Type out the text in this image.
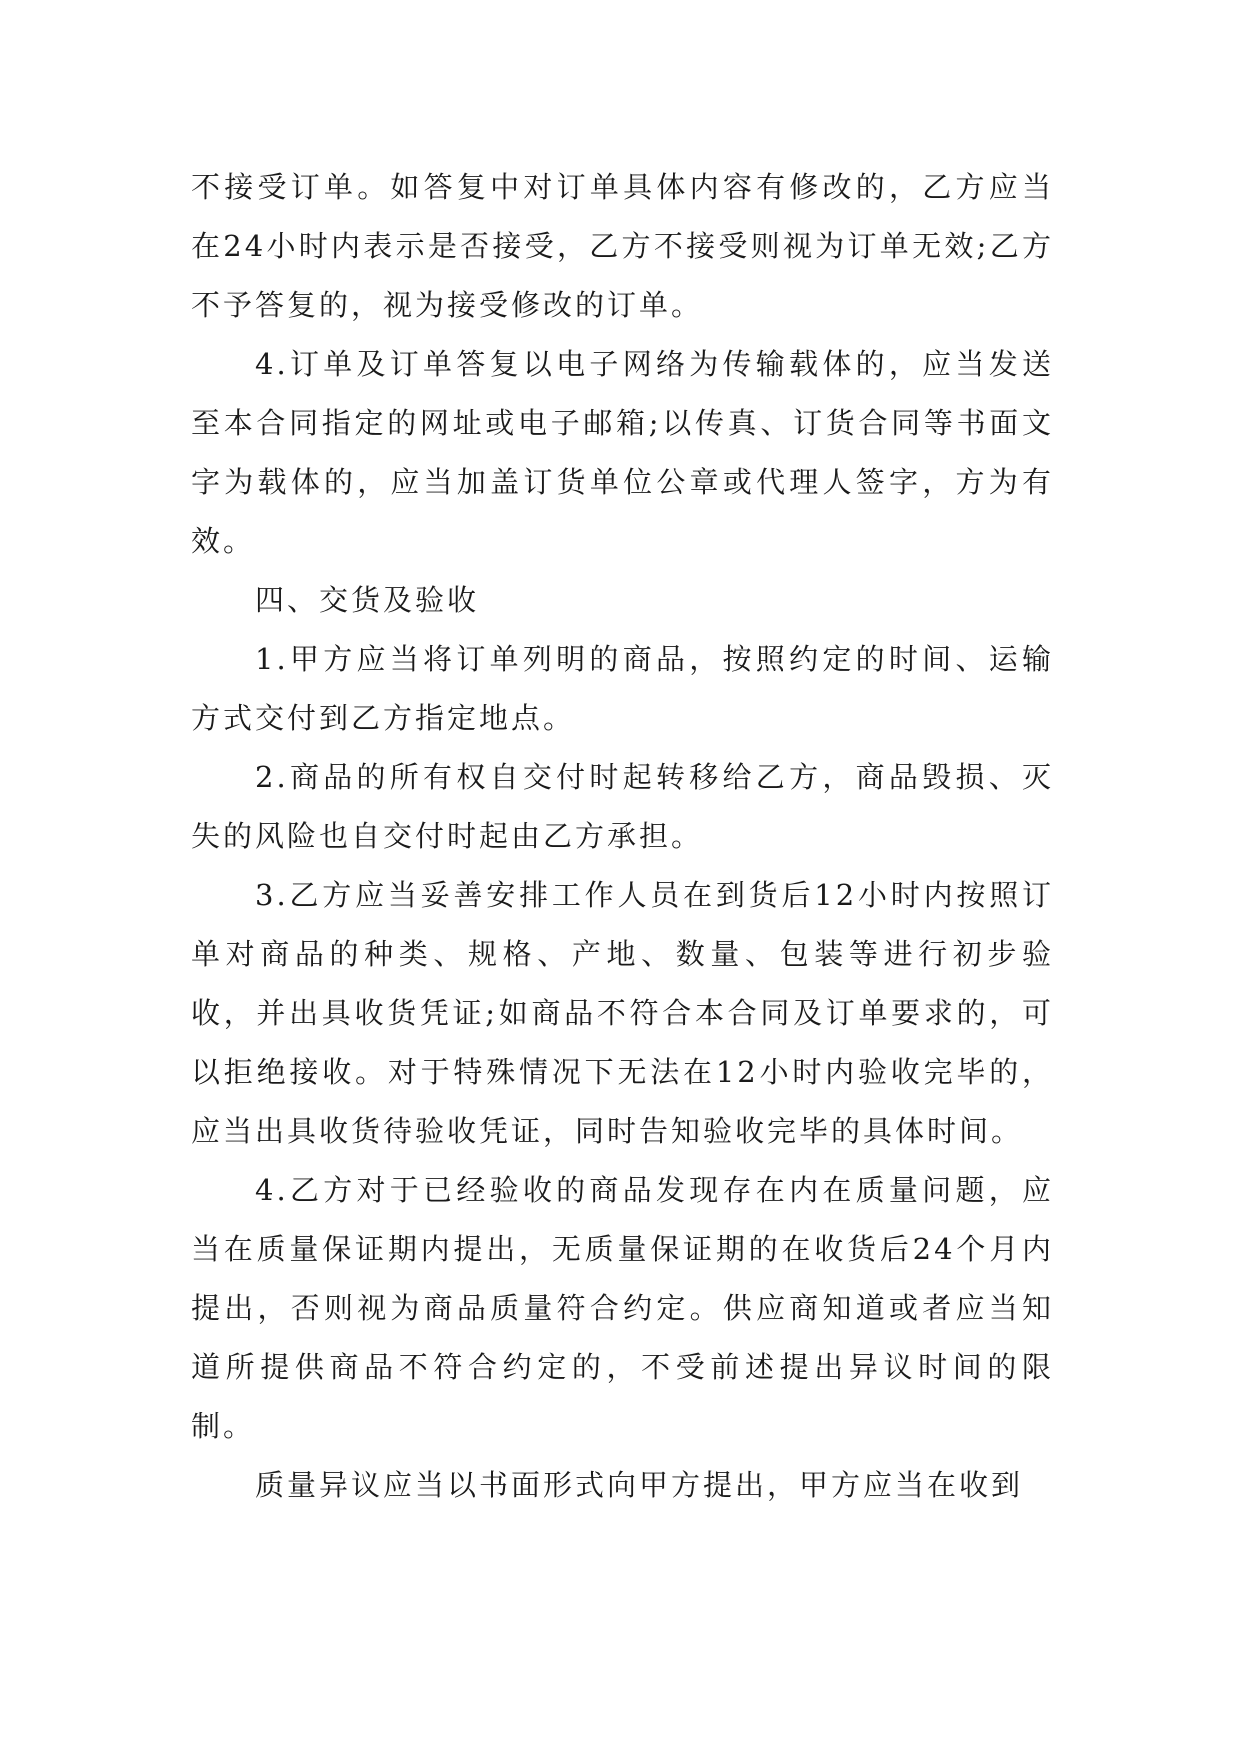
不接受订单。如答复中对订单具体内容有修改的，乙方应当在24小时内表示是否接受，乙方不接受则视为订单无效;乙方不予答复的，视为接受修改的订单。

4.订单及订单答复以电子网络为传输载体的，应当发送至本合同指定的网址或电子邮箱;以传真、订货合同等书面文字为载体的，应当加盖订货单位公章或代理人签字，方为有效。

四、交货及验收

1.甲方应当将订单列明的商品，按照约定的时间、运输方式交付到乙方指定地点。

2.商品的所有权自交付时起转移给乙方，商品毁损、灭失的风险也自交付时起由乙方承担。

3.乙方应当妥善安排工作人员在到货后12小时内按照订单对商品的种类、规格、产地、数量、包装等进行初步验收，并出具收货凭证;如商品不符合本合同及订单要求的，可以拒绝接收。对于特殊情况下无法在12小时内验收完毕的，应当出具收货待验收凭证，同时告知验收完毕的具体时间。

4.乙方对于已经验收的商品发现存在内在质量问题，应当在质量保证期内提出，无质量保证期的在收货后24个月内提出，否则视为商品质量符合约定。供应商知道或者应当知道所提供商品不符合约定的，不受前述提出异议时间的限制。

质量异议应当以书面形式向甲方提出，甲方应当在收到
